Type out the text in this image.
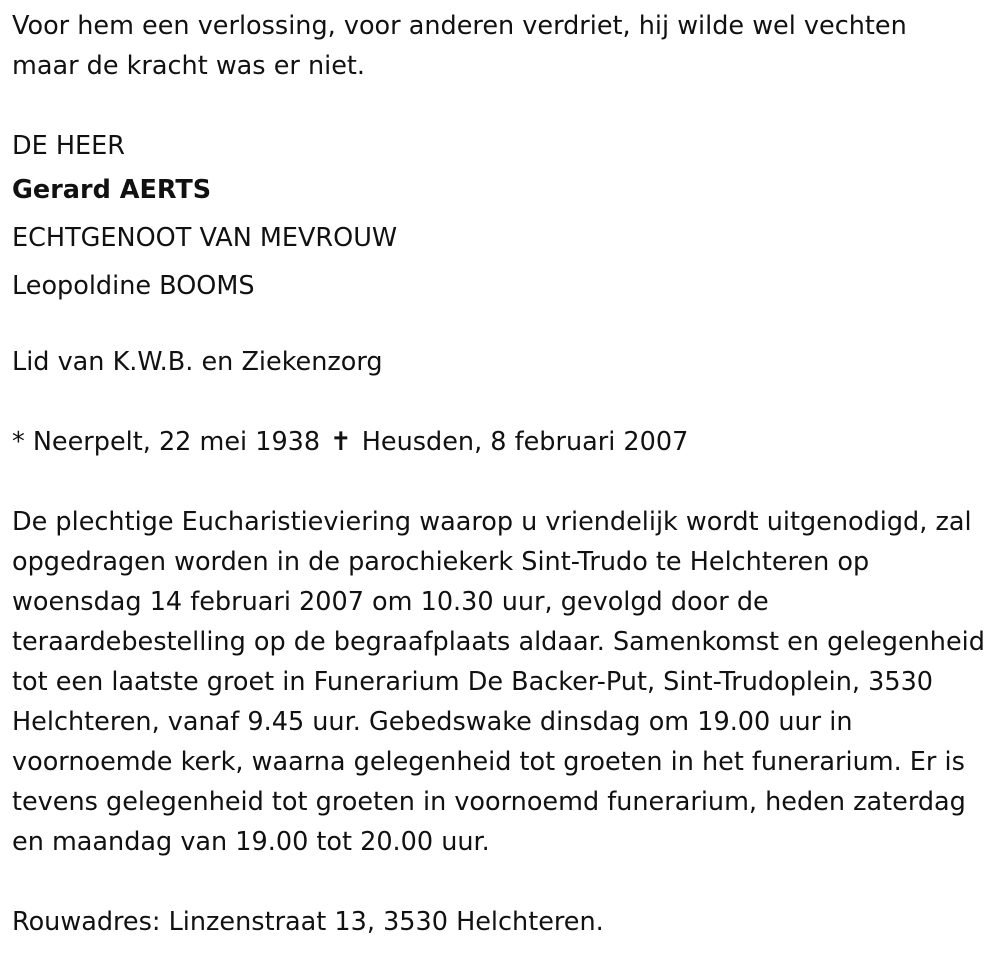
Voor hem een verlossing, voor anderen verdriet, hij wilde wel vechten maar de kracht was er niet.

DE HEER

Gerard AERTS

ECHTGENOOT VAN MEVROUW

Leopoldine BOOMS

Lid van K.W.B. en Ziekenzorg

* Neerpelt, 22 mei 1938 ✝ Heusden, 8 februari 2007

De plechtige Eucharistieviering waarop u vriendelijk wordt uitgenodigd, zal opgedragen worden in de parochiekerk Sint-Trudo te Helchteren op woensdag 14 februari 2007 om 10.30 uur, gevolgd door de teraardebestelling op de begraafplaats aldaar. Samenkomst en gelegenheid tot een laatste groet in Funerarium De Backer-Put, Sint-Trudoplein, 3530 Helchteren, vanaf 9.45 uur. Gebedswake dinsdag om 19.00 uur in voornoemde kerk, waarna gelegenheid tot groeten in het funerarium. Er is tevens gelegenheid tot groeten in voornoemd funerarium, heden zaterdag en maandag van 19.00 tot 20.00 uur.

Rouwadres: Linzenstraat 13, 3530 Helchteren.
